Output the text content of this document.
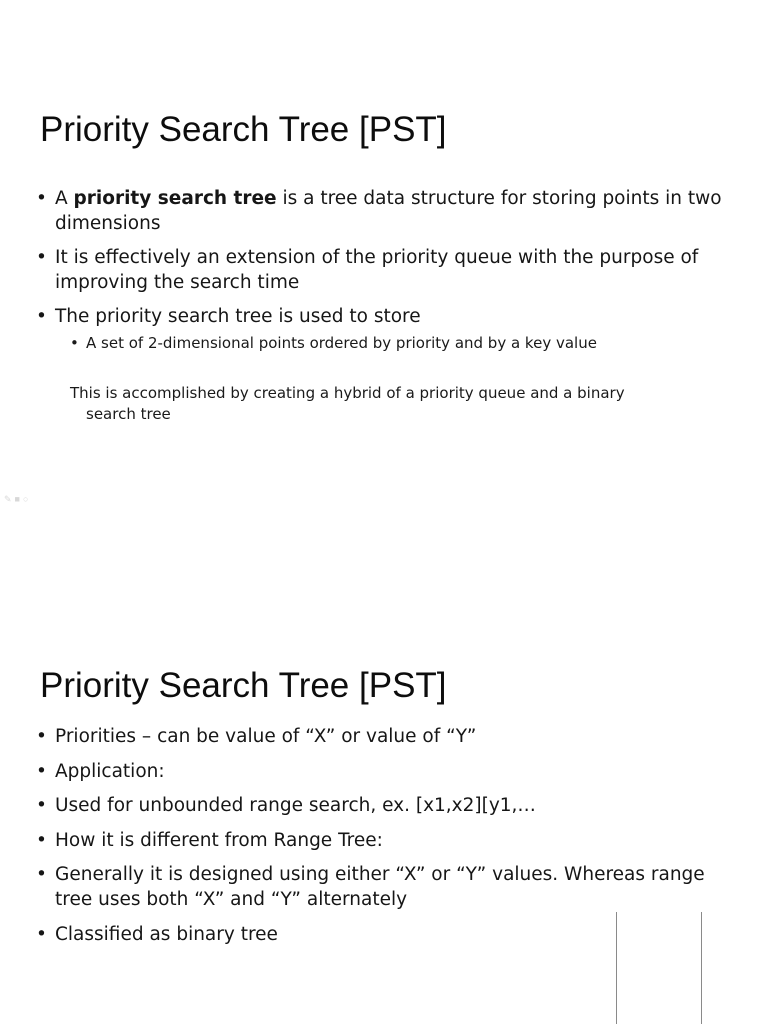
Priority Search Tree [PST]
• A priority search tree is a tree data structure for storing points in two dimensions
• It is effectively an extension of the priority queue with the purpose of improving the search time
• The priority search tree is used to store
• A set of 2-dimensional points ordered by priority and by a key value
This is accomplished by creating a hybrid of a priority queue and a binary
search tree
✎■○
Priority Search Tree [PST]
• Priorities – can be value of “X” or value of “Y”
• Application:
• Used for unbounded range search, ex. [x1,x2][y1,…
• How it is different from Range Tree:
• Generally it is designed using either “X” or “Y” values. Whereas range tree uses both “X” and “Y” alternately
• Classified as binary tree
